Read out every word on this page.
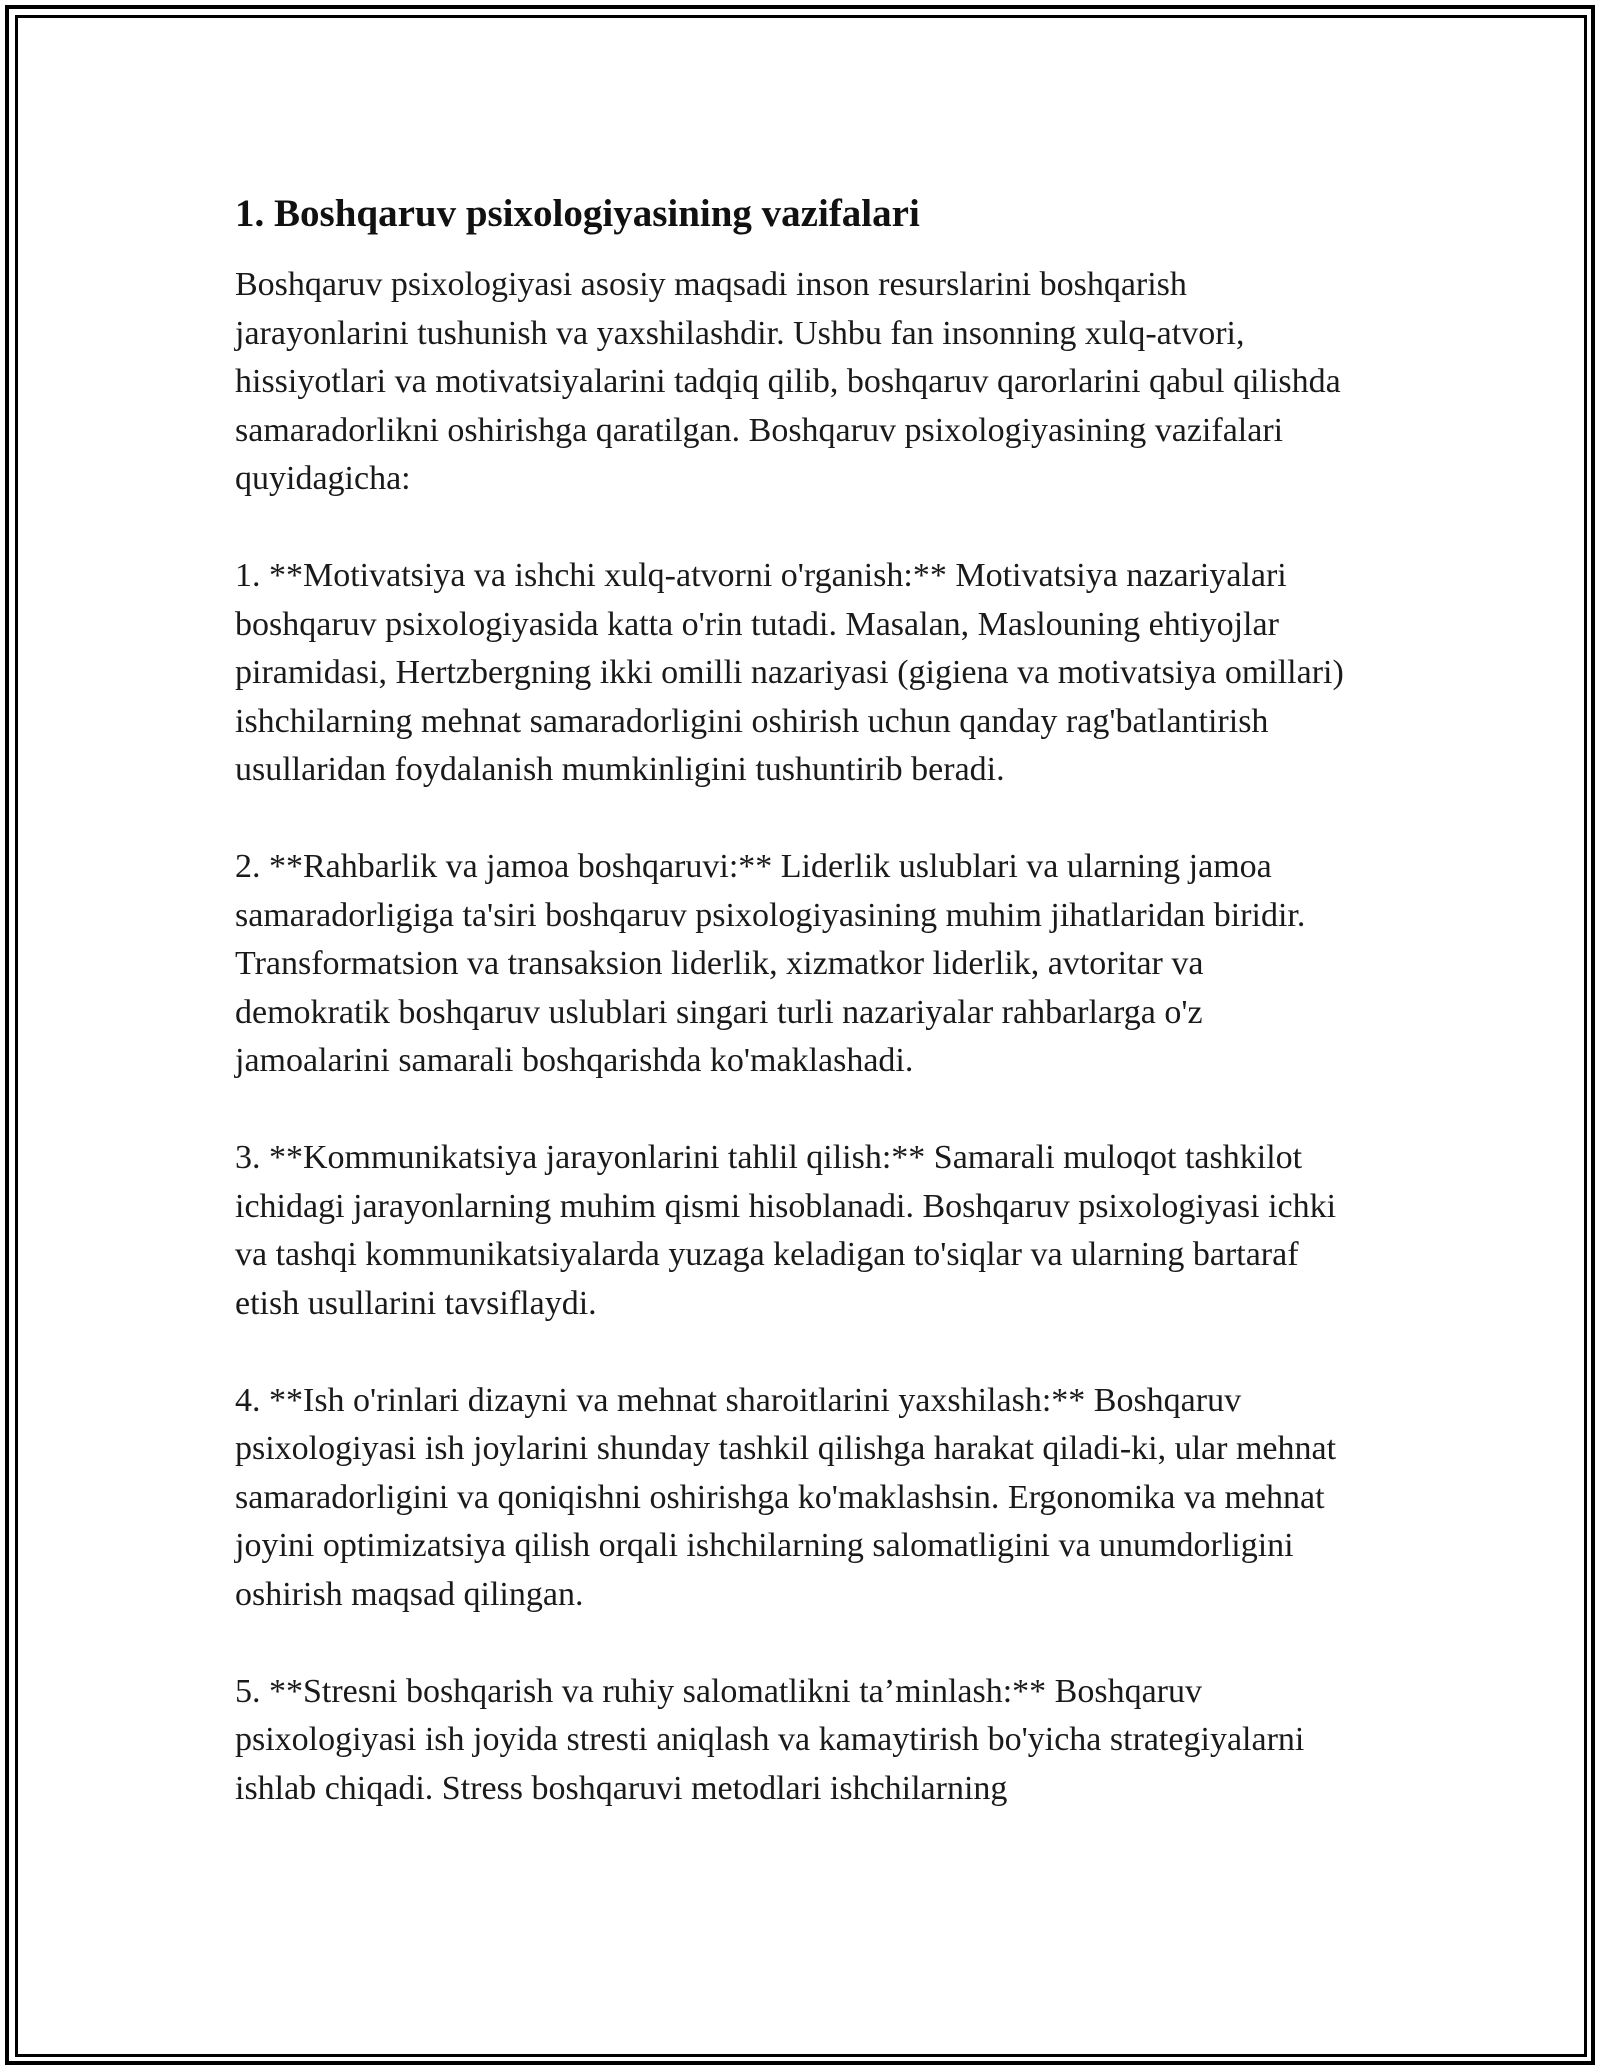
1. Boshqaruv psixologiyasining vazifalari

Boshqaruv psixologiyasi asosiy maqsadi inson resurslarini boshqarish jarayonlarini tushunish va yaxshilashdir. Ushbu fan insonning xulq-atvori, hissiyotlari va motivatsiyalarini tadqiq qilib, boshqaruv qarorlarini qabul qilishda samaradorlikni oshirishga qaratilgan. Boshqaruv psixologiyasining vazifalari quyidagicha:

1. **Motivatsiya va ishchi xulq-atvorni o'rganish:** Motivatsiya nazariyalari boshqaruv psixologiyasida katta o'rin tutadi. Masalan, Maslouning ehtiyojlar piramidasi, Hertzbergning ikki omilli nazariyasi (gigiena va motivatsiya omillari) ishchilarning mehnat samaradorligini oshirish uchun qanday rag'batlantirish usullaridan foydalanish mumkinligini tushuntirib beradi.

2. **Rahbarlik va jamoa boshqaruvi:** Liderlik uslublari va ularning jamoa samaradorligiga ta'siri boshqaruv psixologiyasining muhim jihatlaridan biridir. Transformatsion va transaksion liderlik, xizmatkor liderlik, avtoritar va demokratik boshqaruv uslublari singari turli nazariyalar rahbarlarga o'z jamoalarini samarali boshqarishda ko'maklashadi.

3. **Kommunikatsiya jarayonlarini tahlil qilish:** Samarali muloqot tashkilot ichidagi jarayonlarning muhim qismi hisoblanadi. Boshqaruv psixologiyasi ichki va tashqi kommunikatsiyalarda yuzaga keladigan to'siqlar va ularning bartaraf etish usullarini tavsiflaydi.

4. **Ish o'rinlari dizayni va mehnat sharoitlarini yaxshilash:** Boshqaruv psixologiyasi ish joylarini shunday tashkil qilishga harakat qiladi-ki, ular mehnat samaradorligini va qoniqishni oshirishga ko'maklashsin. Ergonomika va mehnat joyini optimizatsiya qilish orqali ishchilarning salomatligini va unumdorligini oshirish maqsad qilingan.

5. **Stresni boshqarish va ruhiy salomatlikni ta’minlash:** Boshqaruv psixologiyasi ish joyida stresti aniqlash va kamaytirish bo'yicha strategiyalarni ishlab chiqadi. Stress boshqaruvi metodlari ishchilarning
